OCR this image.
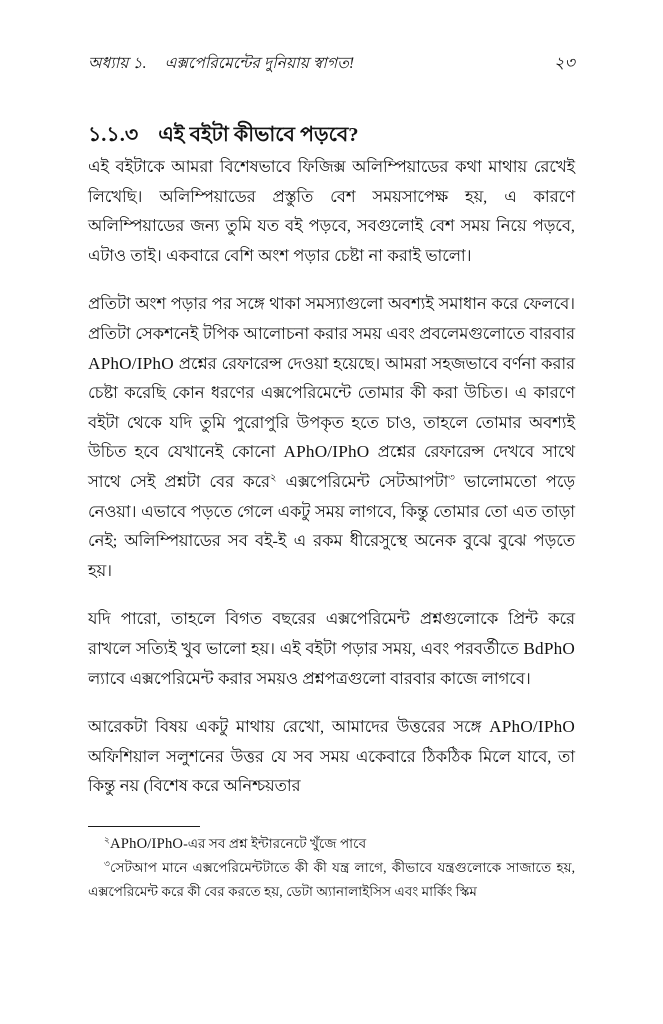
অধ্যায় ১. এক্সপেরিমেন্টের দুনিয়ায় স্বাগত!	২৩
১.১.৩ এই বইটা কীভাবে পড়বে?

এই বইটাকে আমরা বিশেষভাবে ফিজিক্স অলিম্পিয়াডের কথা মাথায় রেখেই লিখেছি। অলিম্পিয়াডের প্রস্তুতি বেশ সময়সাপেক্ষ হয়, এ কারণে অলিম্পিয়াডের জন্য তুমি যত বই পড়বে, সবগুলোই বেশ সময় নিয়ে পড়বে, এটাও তাই। একবারে বেশি অংশ পড়ার চেষ্টা না করাই ভালো।

প্রতিটা অংশ পড়ার পর সঙ্গে থাকা সমস্যাগুলো অবশ্যই সমাধান করে ফেলবে। প্রতিটা সেকশনেই টপিক আলোচনা করার সময় এবং প্রবলেমগুলোতে বারবার APhO/IPhO প্রশ্নের রেফারেন্স দেওয়া হয়েছে। আমরা সহজভাবে বর্ণনা করার চেষ্টা করেছি কোন ধরণের এক্সপেরিমেন্টে তোমার কী করা উচিত। এ কারণে বইটা থেকে যদি তুমি পুরোপুরি উপকৃত হতে চাও, তাহলে তোমার অবশ্যই উচিত হবে যেখানেই কোনো APhO/IPhO প্রশ্নের রেফারেন্স দেখবে সাথে সাথে সেই প্রশ্নটা বের করে$^২$ এক্সপেরিমেন্ট সেটআপটা$^৩$ ভালোমতো পড়ে নেওয়া। এভাবে পড়তে গেলে একটু সময় লাগবে, কিন্তু তোমার তো এত তাড়া নেই; অলিম্পিয়াডের সব বই-ই এ রকম ধীরেসুস্থে অনেক বুঝে বুঝে পড়তে হয়।

যদি পারো, তাহলে বিগত বছরের এক্সপেরিমেন্ট প্রশ্নগুলোকে প্রিন্ট করে রাখলে সত্যিই খুব ভালো হয়। এই বইটা পড়ার সময়, এবং পরবর্তীতে BdPhO ল্যাবে এক্সপেরিমেন্ট করার সময়ও প্রশ্নপত্রগুলো বারবার কাজে লাগবে।

আরেকটা বিষয় একটু মাথায় রেখো, আমাদের উত্তরের সঙ্গে APhO/IPhO অফিশিয়াল সলুশনের উত্তর যে সব সময় একেবারে ঠিকঠিক মিলে যাবে, তা কিন্তু নয় (বিশেষ করে অনিশ্চয়তার

$^২$APhO/IPhO-এর সব প্রশ্ন ইন্টারনেটে খুঁজে পাবে

$^৩$সেটআপ মানে এক্সপেরিমেন্টটাতে কী কী যন্ত্র লাগে, কীভাবে যন্ত্রগুলোকে সাজাতে হয়, এক্সপেরিমেন্ট করে কী বের করতে হয়, ডেটা অ্যানালাইসিস এবং মার্কিং স্কিম
